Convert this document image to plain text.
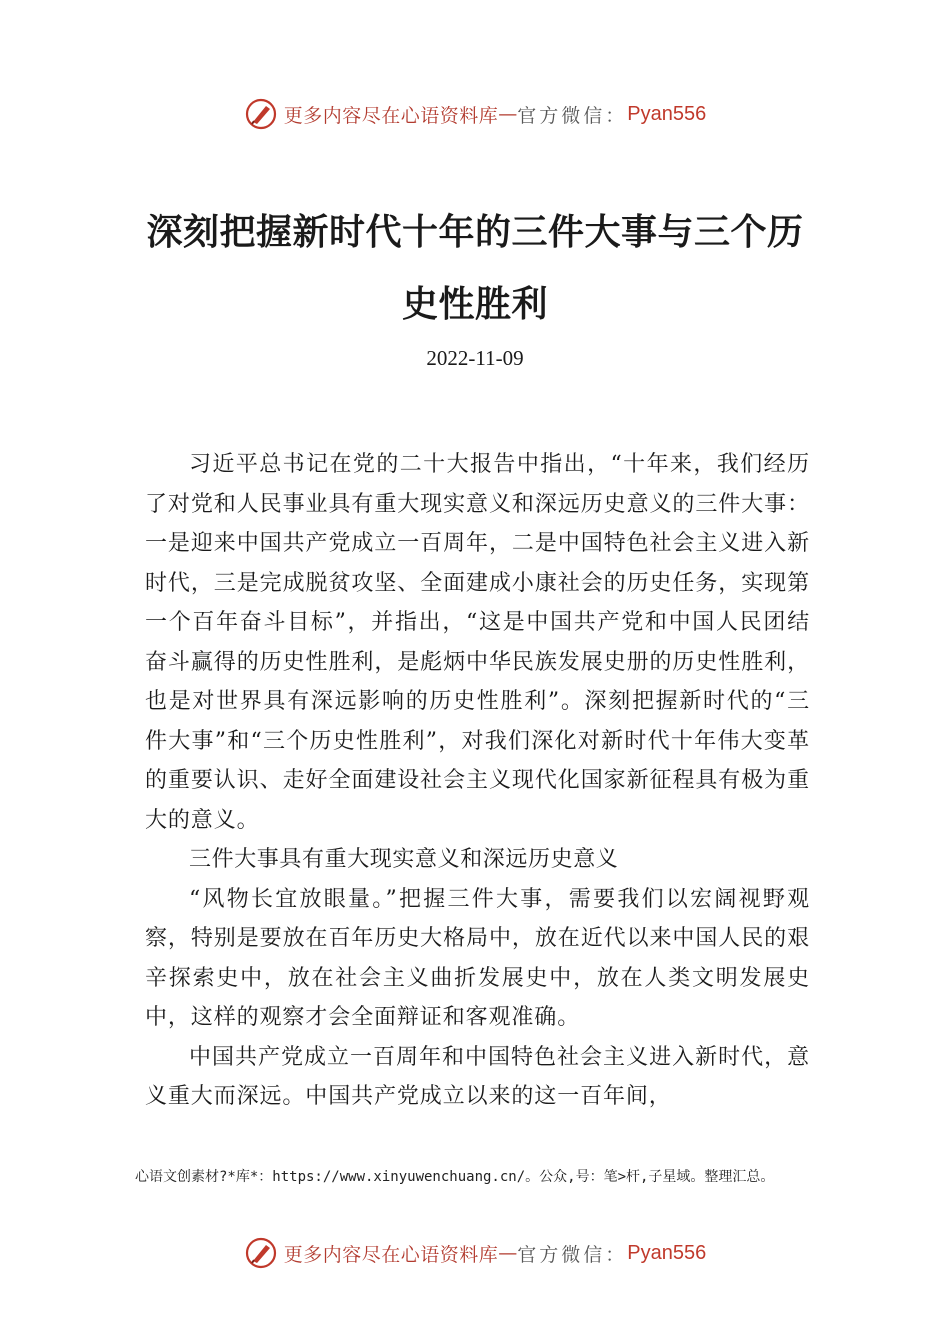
更多内容尽在心语资料库 — 官方微信： Pyan556
深刻把握新时代十年的三件大事与三个历史性胜利
2022-11-09

习近平总书记在党的二十大报告中指出，“十年来，我们经历了对党和人民事业具有重大现实意义和深远历史意义的三件大事：一是迎来中国共产党成立一百周年，二是中国特色社会主义进入新时代，三是完成脱贫攻坚、全面建成小康社会的历史任务，实现第一个百年奋斗目标”，并指出，“这是中国共产党和中国人民团结奋斗赢得的历史性胜利，是彪炳中华民族发展史册的历史性胜利，也是对世界具有深远影响的历史性胜利”。深刻把握新时代的“三件大事”和“三个历史性胜利”，对我们深化对新时代十年伟大变革的重要认识、走好全面建设社会主义现代化国家新征程具有极为重大的意义。

三件大事具有重大现实意义和深远历史意义

“风物长宜放眼量。”把握三件大事，需要我们以宏阔视野观察，特别是要放在百年历史大格局中，放在近代以来中国人民的艰辛探索史中，放在社会主义曲折发展史中，放在人类文明发展史中，这样的观察才会全面辩证和客观准确。

中国共产党成立一百周年和中国特色社会主义进入新时代，意义重大而深远。中国共产党成立以来的这一百年间，

心语文创素材?*库*：https://www.xinyuwenchuang.cn/。公众,号：笔>杆,子星域。整理汇总。
更多内容尽在心语资料库 — 官方微信： Pyan556
